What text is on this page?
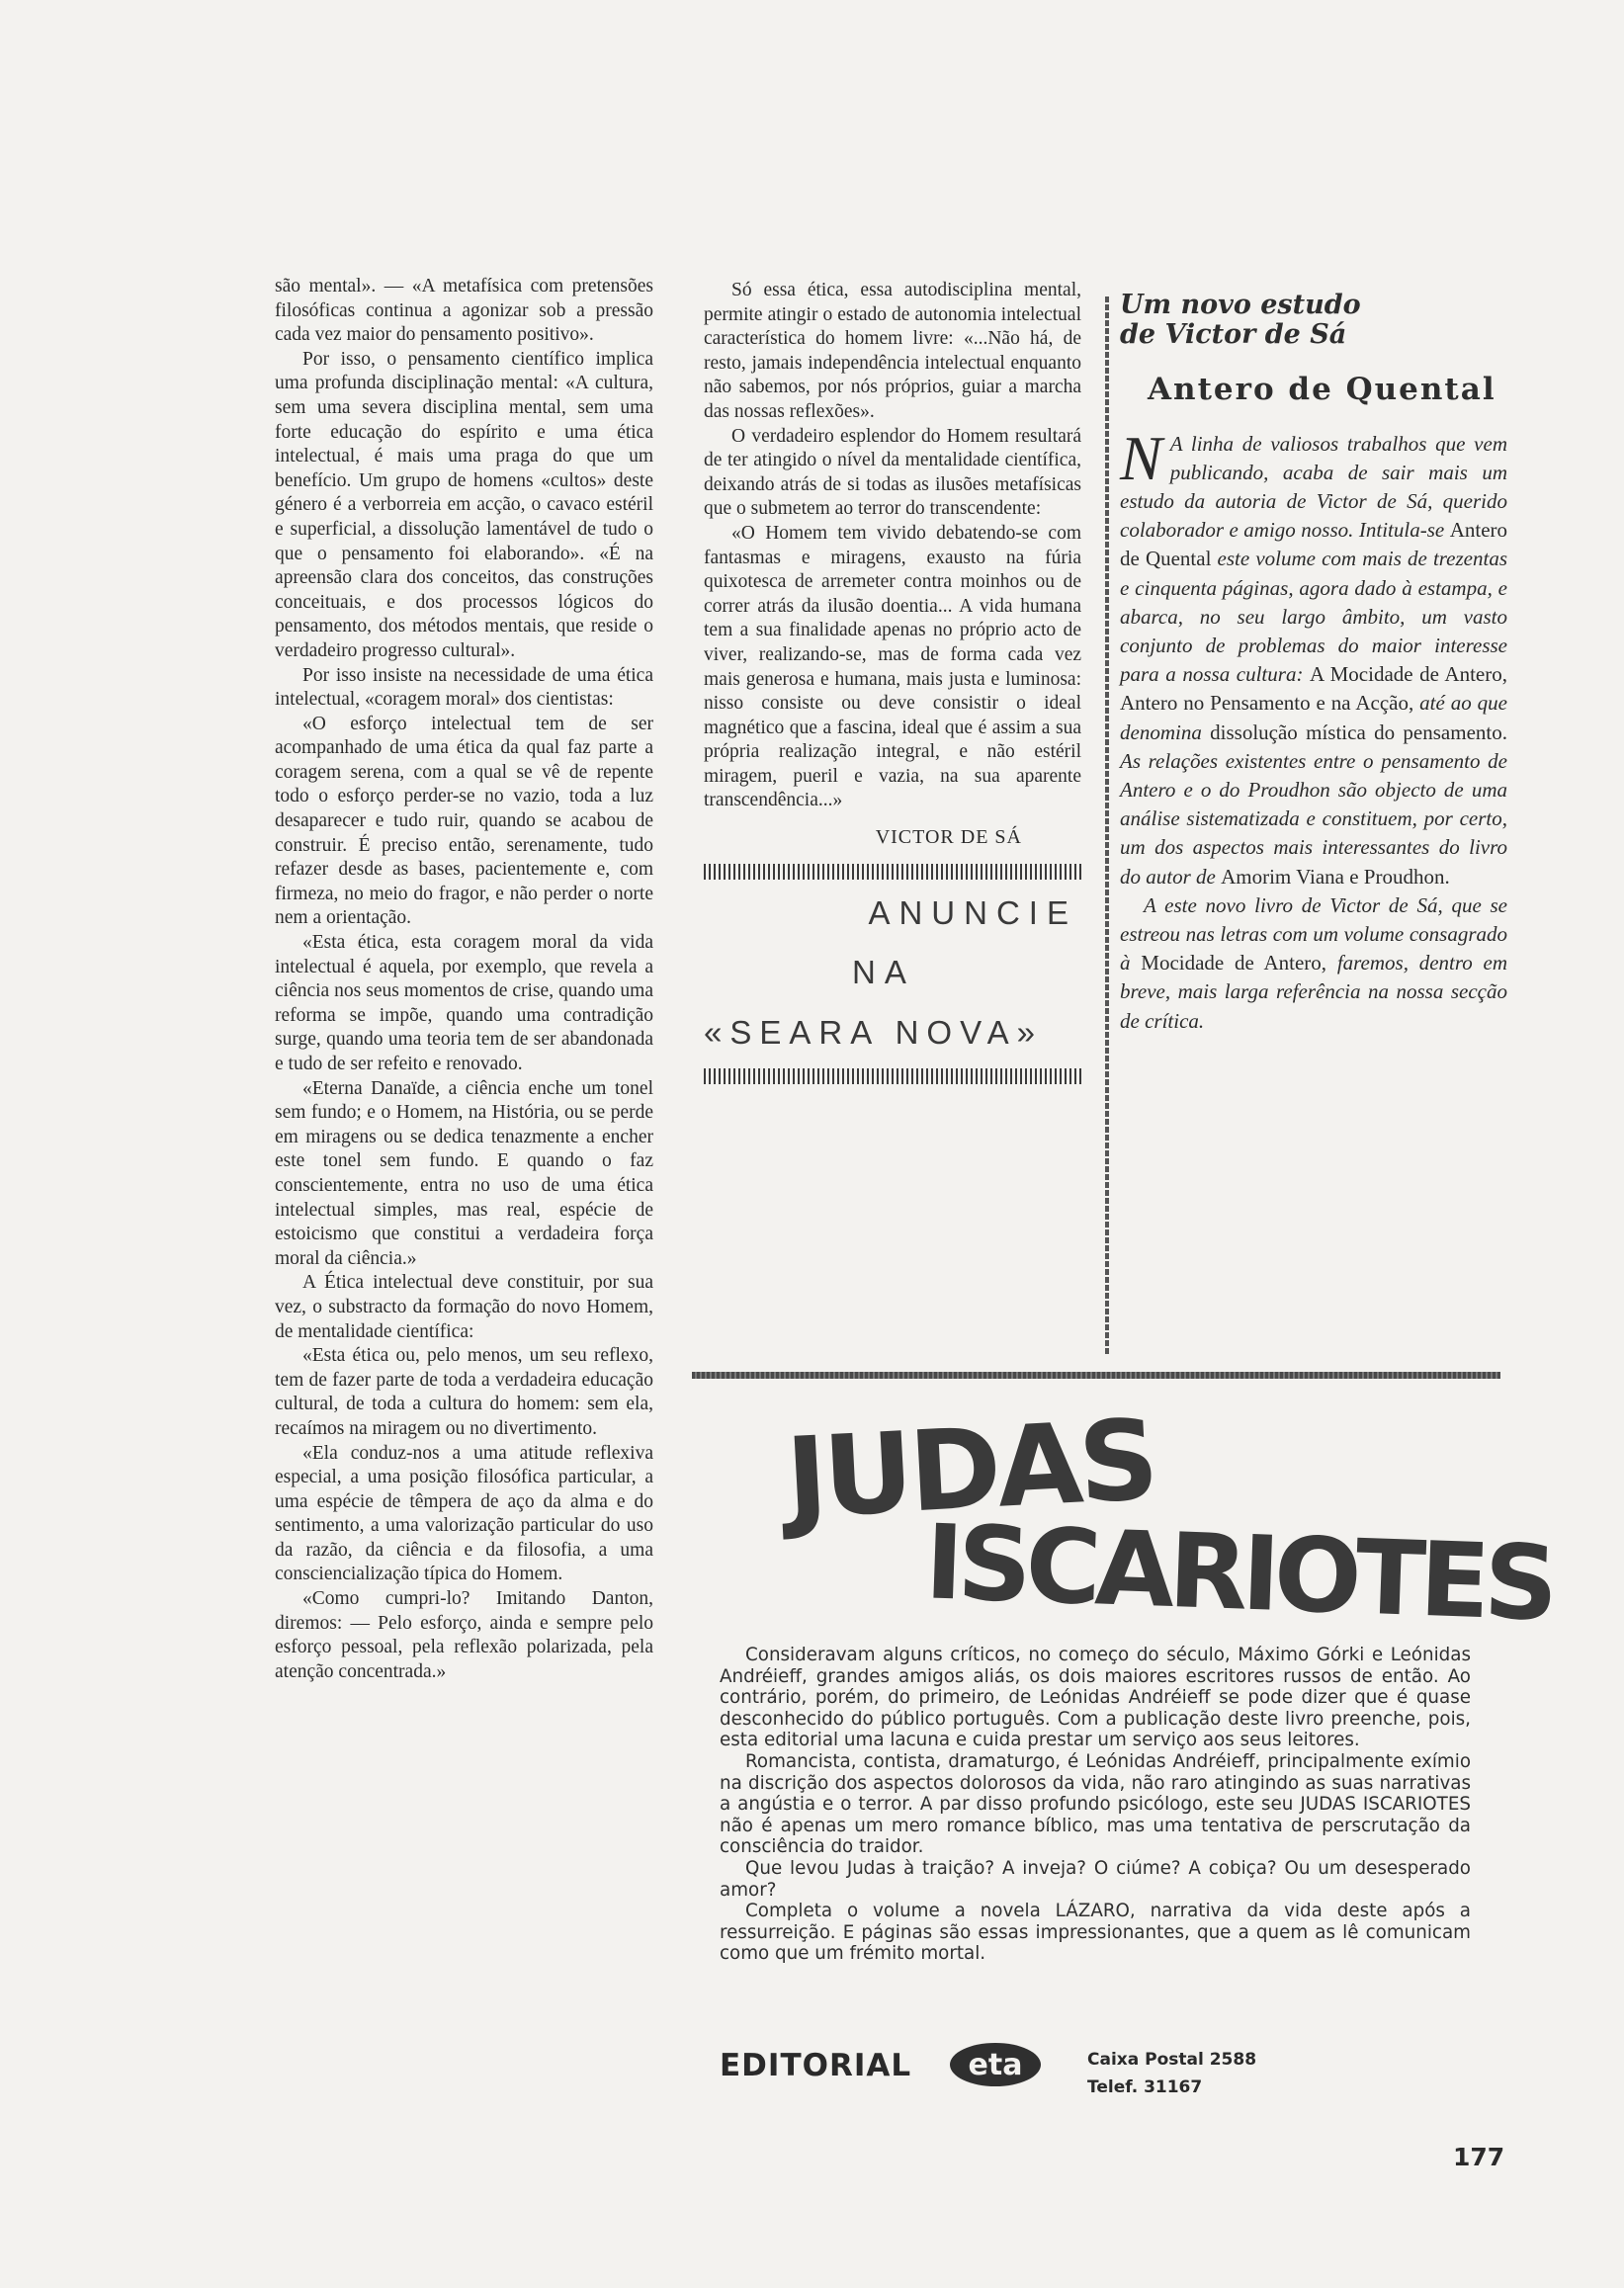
são mental». — «A metafísica com pretensões filosóficas continua a agonizar sob a pressão cada vez maior do pensamento positivo».

Por isso, o pensamento científico implica uma profunda disciplinação mental: «A cultura, sem uma severa disciplina mental, sem uma forte educação do espírito e uma ética intelectual, é mais uma praga do que um benefício. Um grupo de homens «cultos» deste género é a verborreia em acção, o cavaco estéril e superficial, a dissolução lamentável de tudo o que o pensamento foi elaborando». «É na apreensão clara dos conceitos, das construções conceituais, e dos processos lógicos do pensamento, dos métodos mentais, que reside o verdadeiro progresso cultural».

Por isso insiste na necessidade de uma ética intelectual, «coragem moral» dos cientistas:

«O esforço intelectual tem de ser acompanhado de uma ética da qual faz parte a coragem serena, com a qual se vê de repente todo o esforço perder-se no vazio, toda a luz desaparecer e tudo ruir, quando se acabou de construir. É preciso então, serenamente, tudo refazer desde as bases, pacientemente e, com firmeza, no meio do fragor, e não perder o norte nem a orientação.

«Esta ética, esta coragem moral da vida intelectual é aquela, por exemplo, que revela a ciência nos seus momentos de crise, quando uma reforma se impõe, quando uma contradição surge, quando uma teoria tem de ser abandonada e tudo de ser refeito e renovado.

«Eterna Danaïde, a ciência enche um tonel sem fundo; e o Homem, na História, ou se perde em miragens ou se dedica tenazmente a encher este tonel sem fundo. E quando o faz conscientemente, entra no uso de uma ética intelectual simples, mas real, espécie de estoicismo que constitui a verdadeira força moral da ciência.»

A Ética intelectual deve constituir, por sua vez, o substracto da formação do novo Homem, de mentalidade científica:

«Esta ética ou, pelo menos, um seu reflexo, tem de fazer parte de toda a verdadeira educação cultural, de toda a cultura do homem: sem ela, recaímos na miragem ou no divertimento.

«Ela conduz-nos a uma atitude reflexiva especial, a uma posição filosófica particular, a uma espécie de têmpera de aço da alma e do sentimento, a uma valorização particular do uso da razão, da ciência e da filosofia, a uma consciencialização típica do Homem.

«Como cumpri-lo? Imitando Danton, diremos: — Pelo esforço, ainda e sempre pelo esforço pessoal, pela reflexão polarizada, pela atenção concentrada.»

Só essa ética, essa autodisciplina mental, permite atingir o estado de autonomia intelectual característica do homem livre: «...Não há, de resto, jamais independência intelectual enquanto não sabemos, por nós próprios, guiar a marcha das nossas reflexões».

O verdadeiro esplendor do Homem resultará de ter atingido o nível da mentalidade científica, deixando atrás de si todas as ilusões metafísicas que o submetem ao terror do transcendente:

«O Homem tem vivido debatendo-se com fantasmas e miragens, exausto na fúria quixotesca de arremeter contra moinhos ou de correr atrás da ilusão doentia... A vida humana tem a sua finalidade apenas no próprio acto de viver, realizando-se, mas de forma cada vez mais generosa e humana, mais justa e luminosa: nisso consiste ou deve consistir o ideal magnético que a fascina, ideal que é assim a sua própria realização integral, e não estéril miragem, pueril e vazia, na sua aparente transcendência...»

VICTOR DE SÁ
ANUNCIE
NA
«SEARA NOVA»
Um novo estudo
de Victor de Sá
Antero de Quental

N A linha de valiosos trabalhos que vem publicando, acaba de sair mais um estudo da autoria de Victor de Sá, querido colaborador e amigo nosso. Intitula-se Antero de Quental este volume com mais de trezentas e cinquenta páginas, agora dado à estampa, e abarca, no seu largo âmbito, um vasto conjunto de problemas do maior interesse para a nossa cultura: A Mocidade de Antero, Antero no Pensamento e na Acção, até ao que denomina dissolução mística do pensamento. As relações existentes entre o pensamento de Antero e o do Proudhon são objecto de uma análise sistematizada e constituem, por certo, um dos aspectos mais interessantes do livro do autor de Amorim Viana e Proudhon.

A este novo livro de Victor de Sá, que se estreou nas letras com um volume consagrado à Mocidade de Antero, faremos, dentro em breve, mais larga referência na nossa secção de crítica.

JUDAS
ISCARIOTES

Consideravam alguns críticos, no começo do século, Máximo Górki e Leónidas Andréieff, grandes amigos aliás, os dois maiores escritores russos de então. Ao contrário, porém, do primeiro, de Leónidas Andréieff se pode dizer que é quase desconhecido do público português. Com a publicação deste livro preenche, pois, esta editorial uma lacuna e cuida prestar um serviço aos seus leitores.

Romancista, contista, dramaturgo, é Leónidas Andréieff, principalmente exímio na discrição dos aspectos dolorosos da vida, não raro atingindo as suas narrativas a angústia e o terror. A par disso profundo psicólogo, este seu JUDAS ISCARIOTES não é apenas um mero romance bíblico, mas uma tentativa de perscrutação da consciência do traidor.

Que levou Judas à traição? A inveja? O ciúme? A cobiça? Ou um desesperado amor?

Completa o volume a novela LÁZARO, narrativa da vida deste após a ressurreição. E páginas são essas impressionantes, que a quem as lê comunicam como que um frémito mortal.

EDITORIAL eta	Caixa Postal 2588
Telef. 31167
177
